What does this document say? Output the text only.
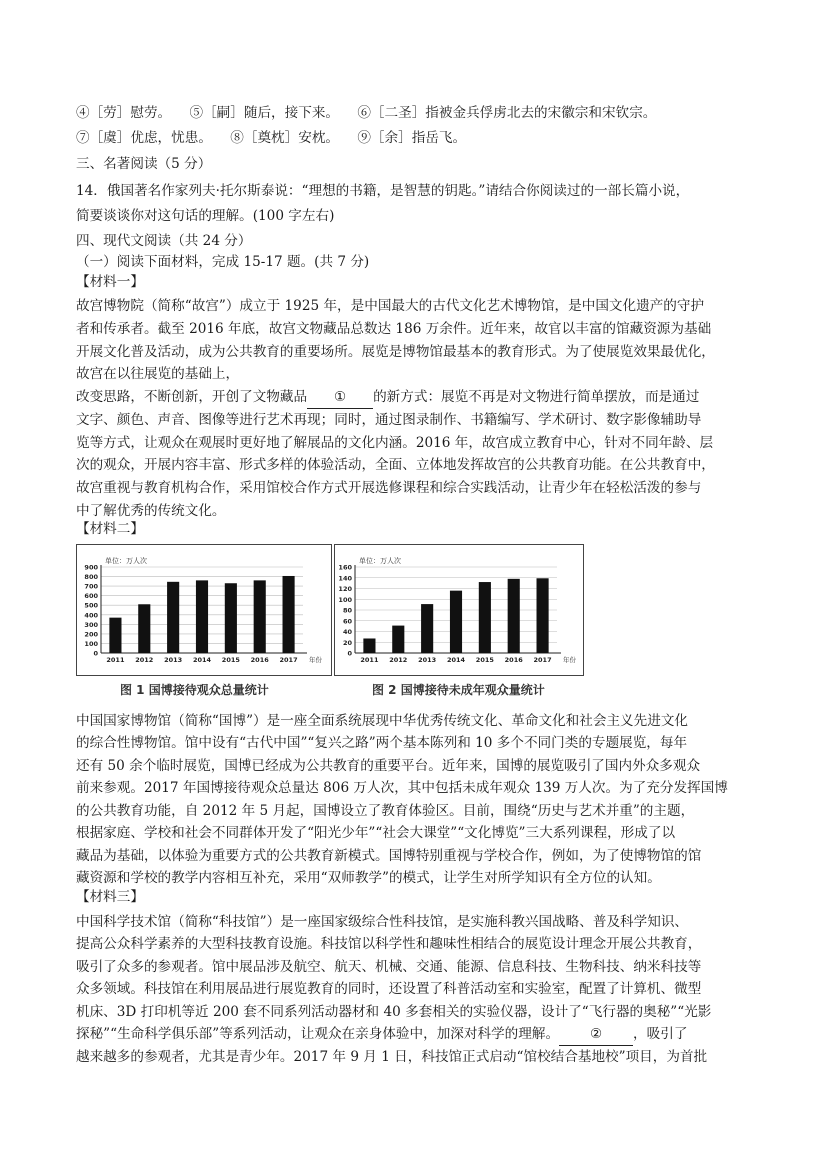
④［劳］慰劳。 ⑤［嗣］随后，接下来。 ⑥［二圣］指被金兵俘虏北去的宋徽宗和宋钦宗。
⑦［虞］优虑，忧患。 ⑧［奠枕］安枕。 ⑨［余］指岳飞。
三、名著阅读（5 分）
14．俄国著名作家列夫·托尔斯泰说：“理想的书籍，是智慧的钥匙。”请结合你阅读过的一部长篇小说，
简要谈谈你对这句话的理解。(100 字左右)
四、现代文阅读（共 24 分）
（一）阅读下面材料，完成 15-17 题。(共 7 分)
【材料一】
故宫博物院（简称“故宫”）成立于 1925 年，是中国最大的古代文化艺术博物馆，是中国文化遗产的守护
者和传承者。截至 2016 年底，故宫文物藏品总数达 186 万余件。近年来，故官以丰富的馆藏资源为基础
开展文化普及活动，成为公共教育的重要场所。展览是博物馆最基本的教育形式。为了使展览效果最优化，
故宫在以往展览的基础上，
改变思路，不断创新，开创了文物藏品 ① 的新方式：展览不再是对文物进行简单摆放，而是通过
文字、颜色、声音、图像等进行艺术再现；同时，通过图录制作、书籍编写、学术研讨、数字影像辅助导
览等方式，让观众在观展时更好地了解展品的文化内涵。2016 年，故宫成立教育中心，针对不同年龄、层
次的观众，开展内容丰富、形式多样的体验活动，全面、立体地发挥故宫的公共教育功能。在公共教育中，
故宫重视与教育机构合作，采用馆校合作方式开展选修课程和综合实践活动，让青少年在轻松活泼的参与
中了解优秀的传统文化。
【材料二】
单位：万人次
0
100
200
300
400
500
600
700
800
900
2011 2012 2013 2014 2015 2016 2017 年份
单位：万人次
0
20
40
60
80
100
120
140
160
2011 2012 2013 2014 2015 2016 2017 年份
图 1 国博接待观众总量统计	图 2 国博接待未成年观众量统计
中国国家博物馆（简称“国博”）是一座全面系统展现中华优秀传统文化、革命文化和社会主义先进文化
的综合性博物馆。馆中设有“古代中国”“复兴之路”两个基本陈列和 10 多个不同门类的专题展览，每年
还有 50 余个临时展览，国博已经成为公共教育的重要平台。近年来，国博的展览吸引了国内外众多观众
前来参观。2017 年国博接待观众总量达 806 万人次，其中包括未成年观众 139 万人次。为了充分发挥国博
的公共教育功能，自 2012 年 5 月起，国博设立了教育体验区。目前，围绕“历史与艺术并重”的主题，
根据家庭、学校和社会不同群体开发了“阳光少年”“社会大课堂”“文化博览”三大系列课程，形成了以
藏品为基础，以体验为重要方式的公共教育新模式。国博特别重视与学校合作，例如，为了使博物馆的馆
藏资源和学校的教学内容相互补充，采用“双师教学”的模式，让学生对所学知识有全方位的认知。
【材料三】
中国科学技术馆（简称“科技馆”）是一座国家级综合性科技馆，是实施科教兴国战略、普及科学知识、
提高公众科学素养的大型科技教育设施。科技馆以科学性和趣味性相结合的展览设计理念开展公共教育，
吸引了众多的参观者。馆中展品涉及航空、航天、机械、交通、能源、信息科技、生物科技、纳米科技等
众多领域。科技馆在利用展品进行展览教育的同时，还设置了科普活动室和实验室，配置了计算机、微型
机床、3D 打印机等近 200 套不同系列活动器材和 40 多套相关的实验仪器，设计了“飞行器的奥秘”“光影
探秘”“生命科学俱乐部”等系列活动，让观众在亲身体验中，加深对科学的理解。 ② ，吸引了
越来越多的参观者，尤其是青少年。2017 年 9 月 1 日，科技馆正式启动“馆校结合基地校”项目，为首批
